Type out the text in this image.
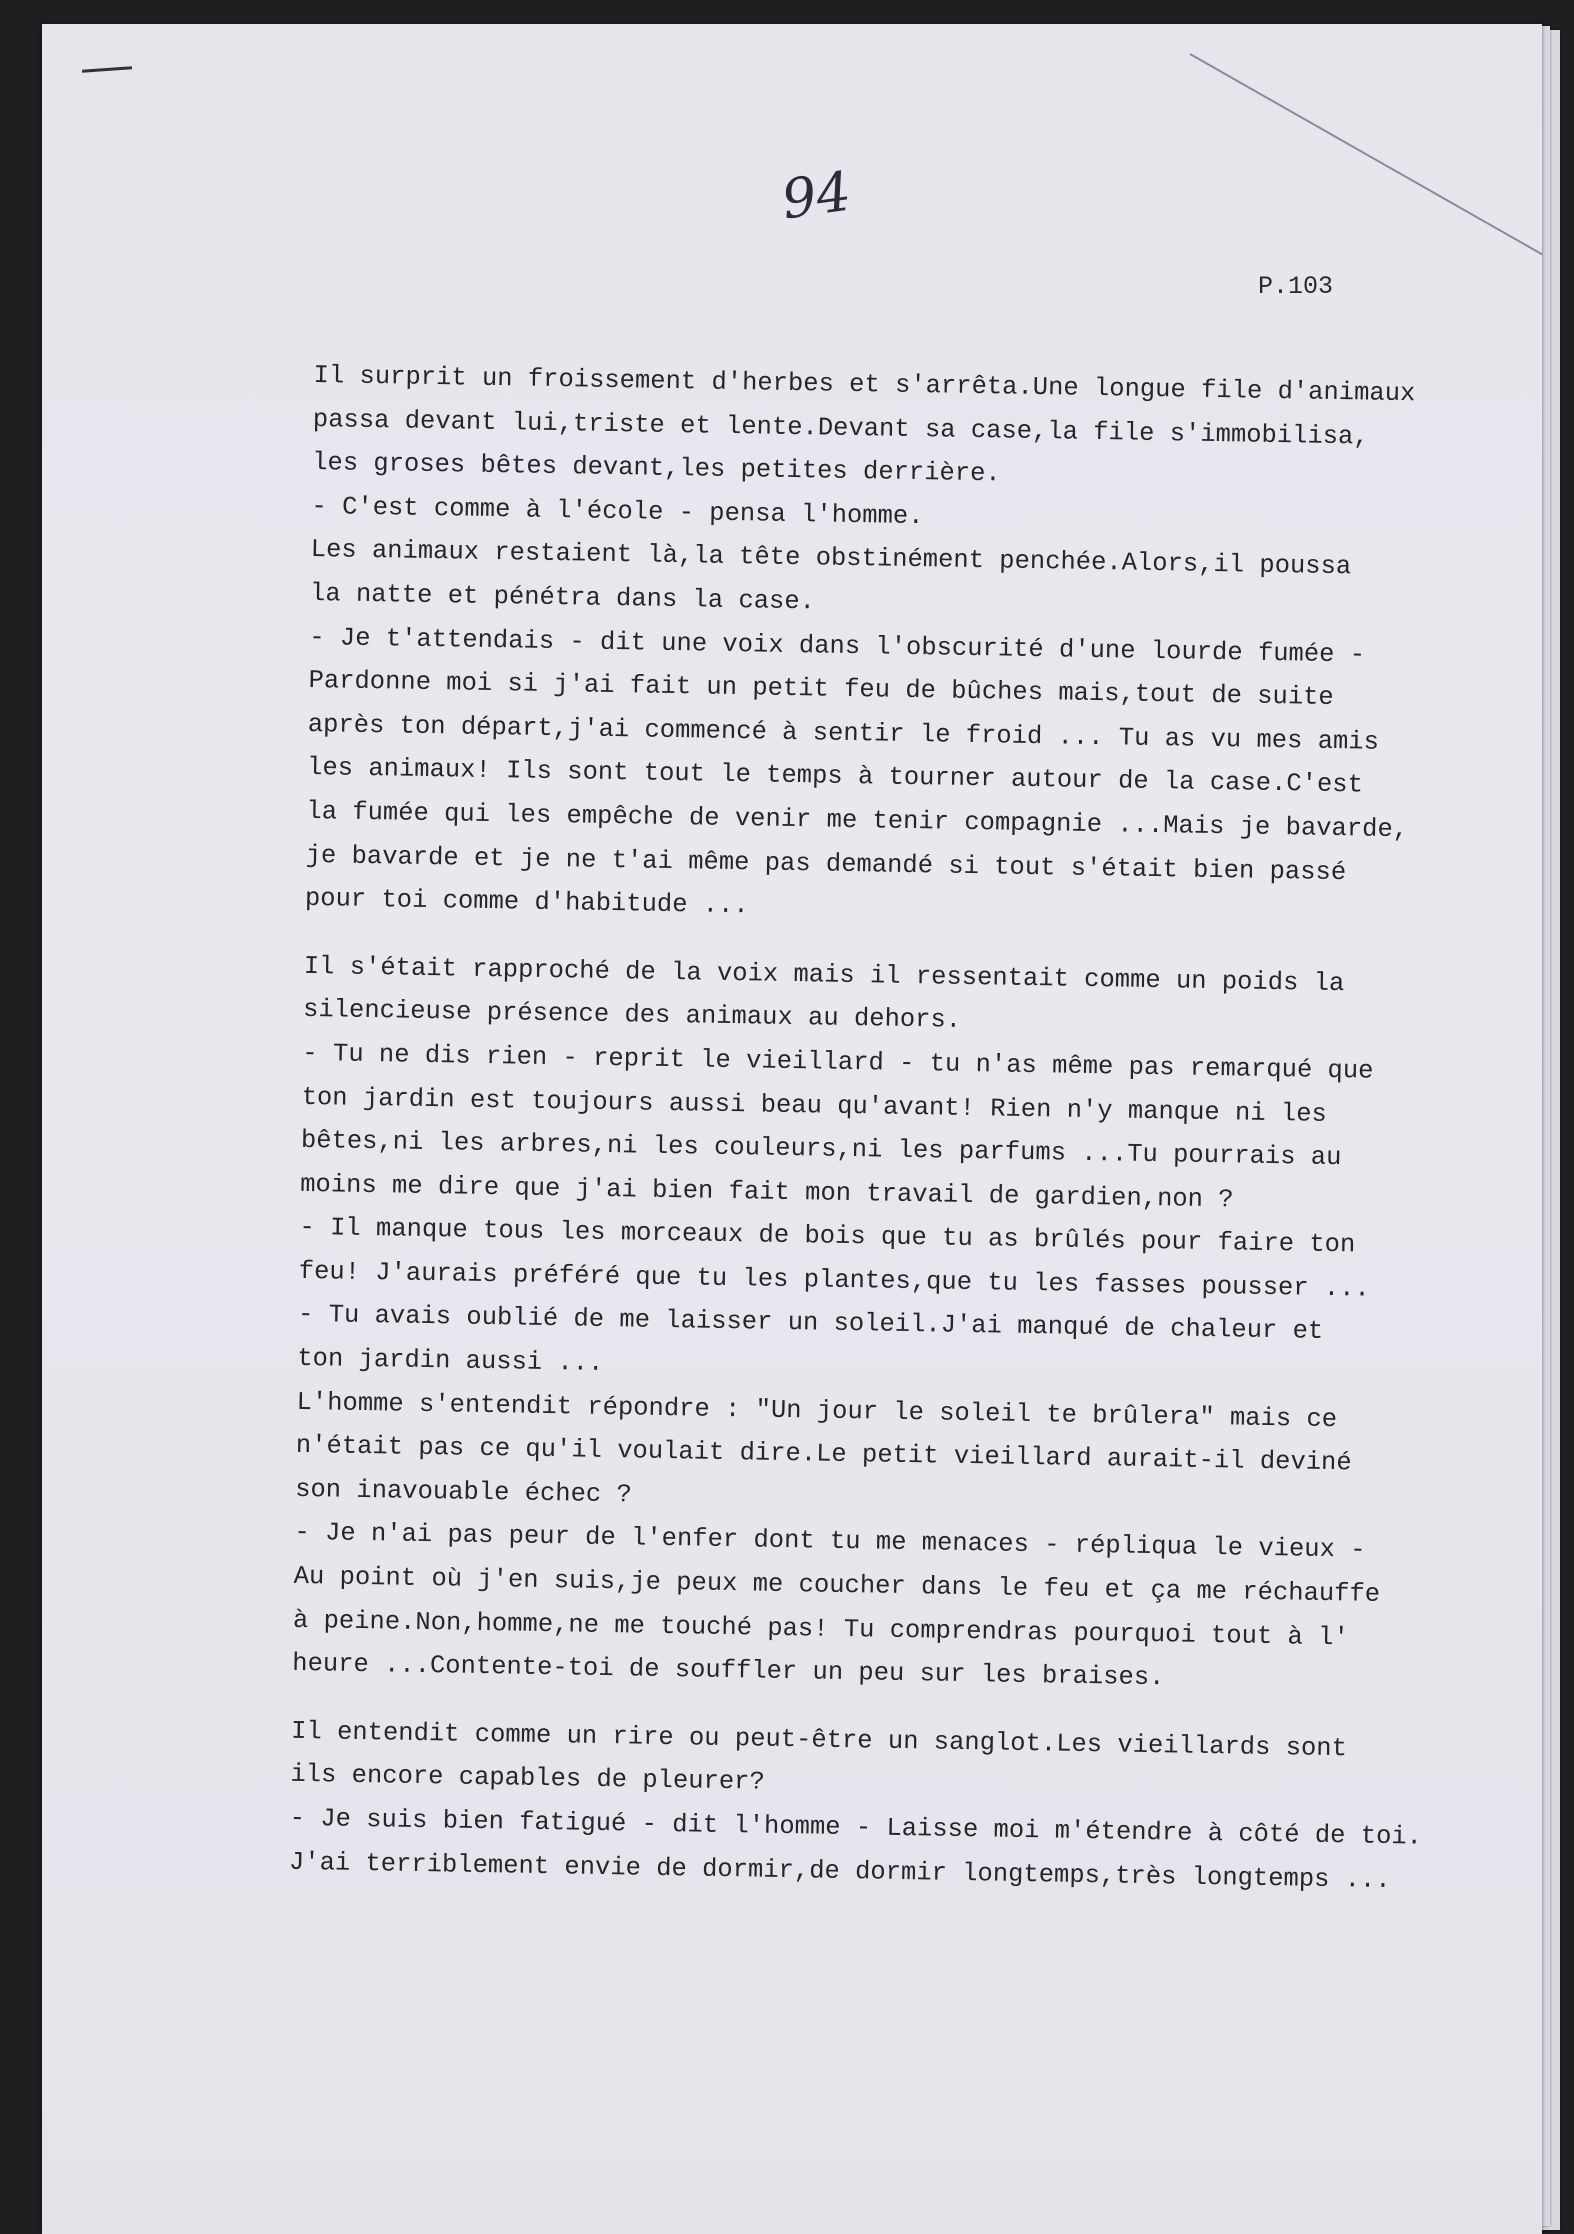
94
P.103
Il surprit un froissement d'herbes et s'arrêta.Une longue file d'animaux
passa devant lui,triste et lente.Devant sa case,la file s'immobilisa,
les groses bêtes devant,les petites derrière.
- C'est comme à l'école - pensa l'homme.
Les animaux restaient là,la tête obstinément penchée.Alors,il poussa
la natte et pénétra dans la case.
- Je t'attendais - dit une voix dans l'obscurité d'une lourde fumée -
Pardonne moi si j'ai fait un petit feu de bûches mais,tout de suite
après ton départ,j'ai commencé à sentir le froid ... Tu as vu mes amis
les animaux! Ils sont tout le temps à tourner autour de la case.C'est
la fumée qui les empêche de venir me tenir compagnie ...Mais je bavarde,
je bavarde et je ne t'ai même pas demandé si tout s'était bien passé
pour toi comme d'habitude ...
Il s'était rapproché de la voix mais il ressentait comme un poids la
silencieuse présence des animaux au dehors.
- Tu ne dis rien - reprit le vieillard - tu n'as même pas remarqué que
ton jardin est toujours aussi beau qu'avant! Rien n'y manque ni les
bêtes,ni les arbres,ni les couleurs,ni les parfums ...Tu pourrais au
moins me dire que j'ai bien fait mon travail de gardien,non ?
- Il manque tous les morceaux de bois que tu as brûlés pour faire ton
feu! J'aurais préféré que tu les plantes,que tu les fasses pousser ...
- Tu avais oublié de me laisser un soleil.J'ai manqué de chaleur et
ton jardin aussi ...
L'homme s'entendit répondre : "Un jour le soleil te brûlera" mais ce
n'était pas ce qu'il voulait dire.Le petit vieillard aurait-il deviné
son inavouable échec ?
- Je n'ai pas peur de l'enfer dont tu me menaces - répliqua le vieux -
Au point où j'en suis,je peux me coucher dans le feu et ça me réchauffe
à peine.Non,homme,ne me touché pas! Tu comprendras pourquoi tout à l'
heure ...Contente-toi de souffler un peu sur les braises.
Il entendit comme un rire ou peut-être un sanglot.Les vieillards sont
ils encore capables de pleurer?
- Je suis bien fatigué - dit l'homme - Laisse moi m'étendre à côté de toi.
J'ai terriblement envie de dormir,de dormir longtemps,très longtemps ...
